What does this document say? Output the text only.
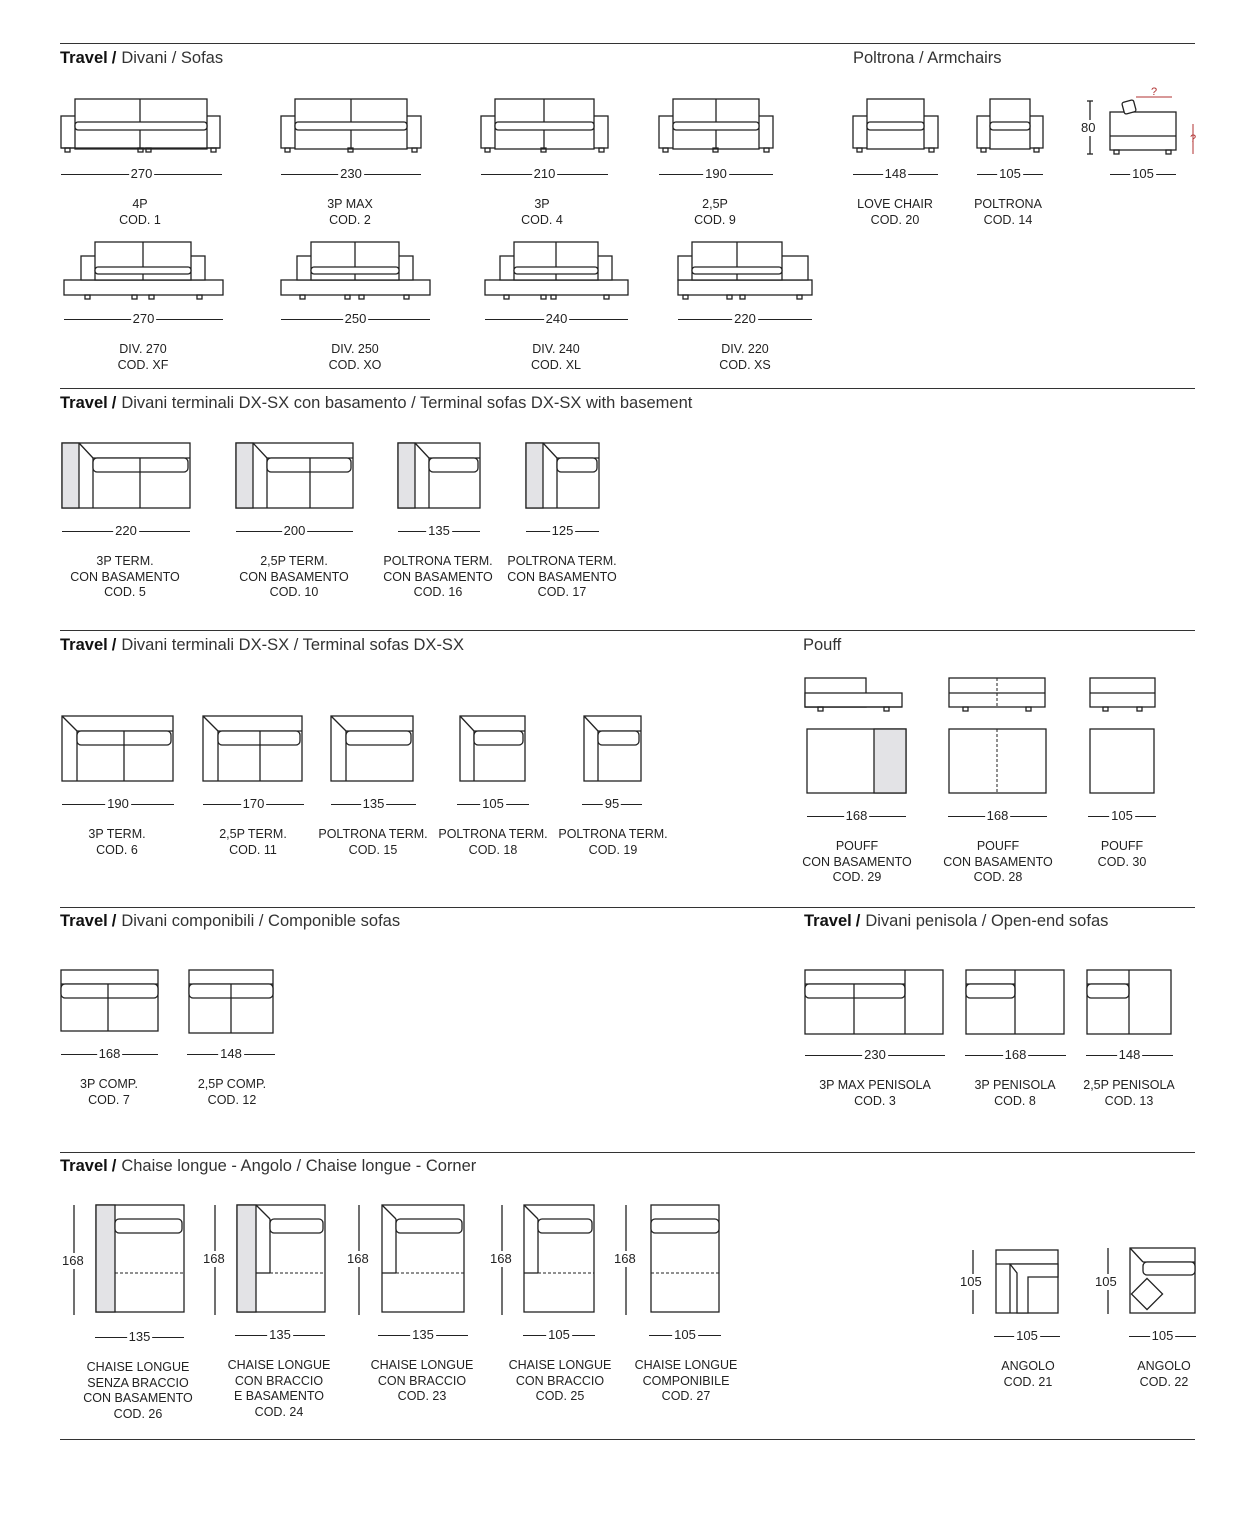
Travel / Divani / Sofas	Poltrona / Armchairs
Travel / Divani terminali DX-SX con basamento / Terminal sofas DX-SX with basement
Travel / Divani terminali DX-SX / Terminal sofas DX-SX	Pouff
Travel / Divani componibili / Componible sofas	Travel / Divani penisola / Open-end sofas
Travel / Chaise longue - Angolo / Chaise longue - Corner
80
?
?
105
270
4P
COD. 1
230
3P MAX
COD. 2
210
3P
COD. 4
190
2,5P
COD. 9
148
LOVE CHAIR
COD. 20
105
POLTRONA
COD. 14
270
DIV. 270
COD. XF
250
DIV. 250
COD. XO
240
DIV. 240
COD. XL
220
DIV. 220
COD. XS
220
3P TERM.
CON BASAMENTO
COD. 5
200
2,5P TERM.
CON BASAMENTO
COD. 10
135
POLTRONA TERM.
CON BASAMENTO
COD. 16
125
POLTRONA TERM.
CON BASAMENTO
COD. 17
190
3P TERM.
COD. 6
170
2,5P TERM.
COD. 11
135
POLTRONA TERM.
COD. 15
105
POLTRONA TERM.
COD. 18
95
POLTRONA TERM.
COD. 19
168
POUFF
CON BASAMENTO
COD. 29
168
POUFF
CON BASAMENTO
COD. 28
105
POUFF
COD. 30
168
3P COMP.
COD. 7
148
2,5P COMP.
COD. 12
230
3P MAX PENISOLA
COD. 3
168
3P PENISOLA
COD. 8
148
2,5P PENISOLA
COD. 13
168	168	168	168	168
105	105
135
CHAISE LONGUE
SENZA BRACCIO
CON BASAMENTO
COD. 26
135
CHAISE LONGUE
CON BRACCIO
E BASAMENTO
COD. 24
135
CHAISE LONGUE
CON BRACCIO
COD. 23
105
CHAISE LONGUE
CON BRACCIO
COD. 25
105
CHAISE LONGUE
COMPONIBILE
COD. 27
105
ANGOLO
COD. 21
105
ANGOLO
COD. 22
